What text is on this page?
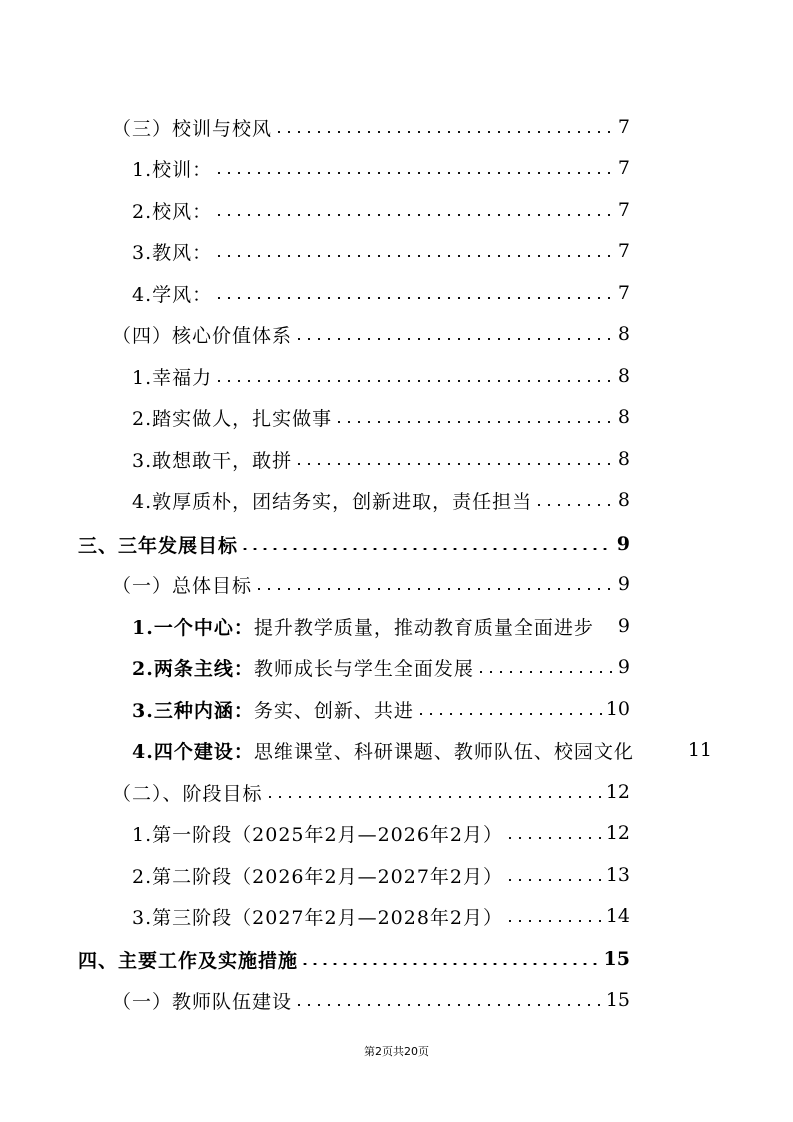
（三）校训与校风	7
1.校训：	7
2.校风：	7
3.教风：	7
4.学风：	7
（四）核心价值体系	8
1.幸福力	8
2.踏实做人，扎实做事	8
3.敢想敢干，敢拼	8
4.敦厚质朴，团结务实，创新进取，责任担当	8
三、三年发展目标	9
（一）总体目标	9
1.一个中心：提升教学质量，推动教育质量全面进步 9
2.两条主线：教师成长与学生全面发展	9
3.三种内涵：务实、创新、共进	10
4.四个建设：思维课堂、科研课题、教师队伍、校园文化	11
（二）、阶段目标	12
1.第一阶段（2025年2月—2026年2月）	12
2.第二阶段（2026年2月—2027年2月）	13
3.第三阶段（2027年2月—2028年2月）	14
四、主要工作及实施措施	15
（一）教师队伍建设	15
第2页共20页
